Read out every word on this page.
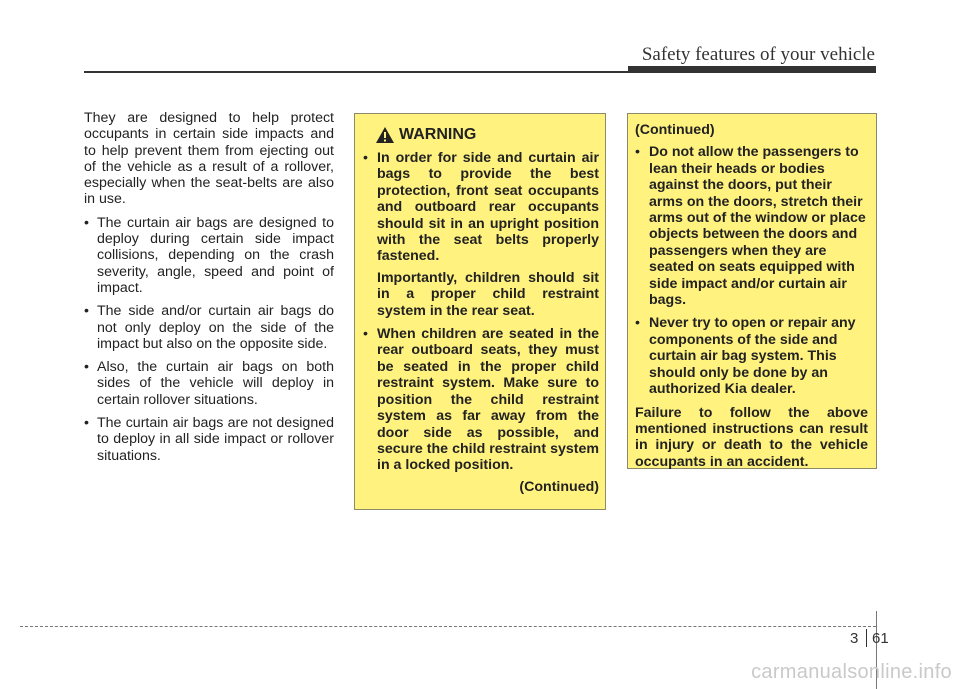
Safety features of your vehicle

They are designed to help protect occupants in certain side impacts and to help prevent them from ejecting out of the vehicle as a result of a rollover, especially when the seat-belts are also in use.

• The curtain air bags are designed to deploy during certain side impact collisions, depending on the crash severity, angle, speed and point of impact.
• The side and/or curtain air bags do not only deploy on the side of the impact but also on the opposite side.
• Also, the curtain air bags on both sides of the vehicle will deploy in certain rollover situations.
• The curtain air bags are not designed to deploy in all side impact or rollover situations.
WARNING
• In order for side and curtain air bags to provide the best protection, front seat occupants and outboard rear occupants should sit in an upright position with the seat belts properly fastened.
Importantly, children should sit in a proper child restraint system in the rear seat.
• When children are seated in the rear outboard seats, they must be seated in the proper child restraint system. Make sure to position the child restraint system as far away from the door side as possible, and secure the child restraint system in a locked position.
(Continued)

(Continued)

• Do not allow the passengers to lean their heads or bodies against the doors, put their arms on the doors, stretch their arms out of the window or place objects between the doors and passengers when they are seated on seats equipped with side impact and/or curtain air bags.
• Never try to open or repair any components of the side and curtain air bag system. This should only be done by an authorized Kia dealer.
Failure to follow the above mentioned instructions can result in injury or death to the vehicle occupants in an accident.
3 61
carmanualsonline.info
